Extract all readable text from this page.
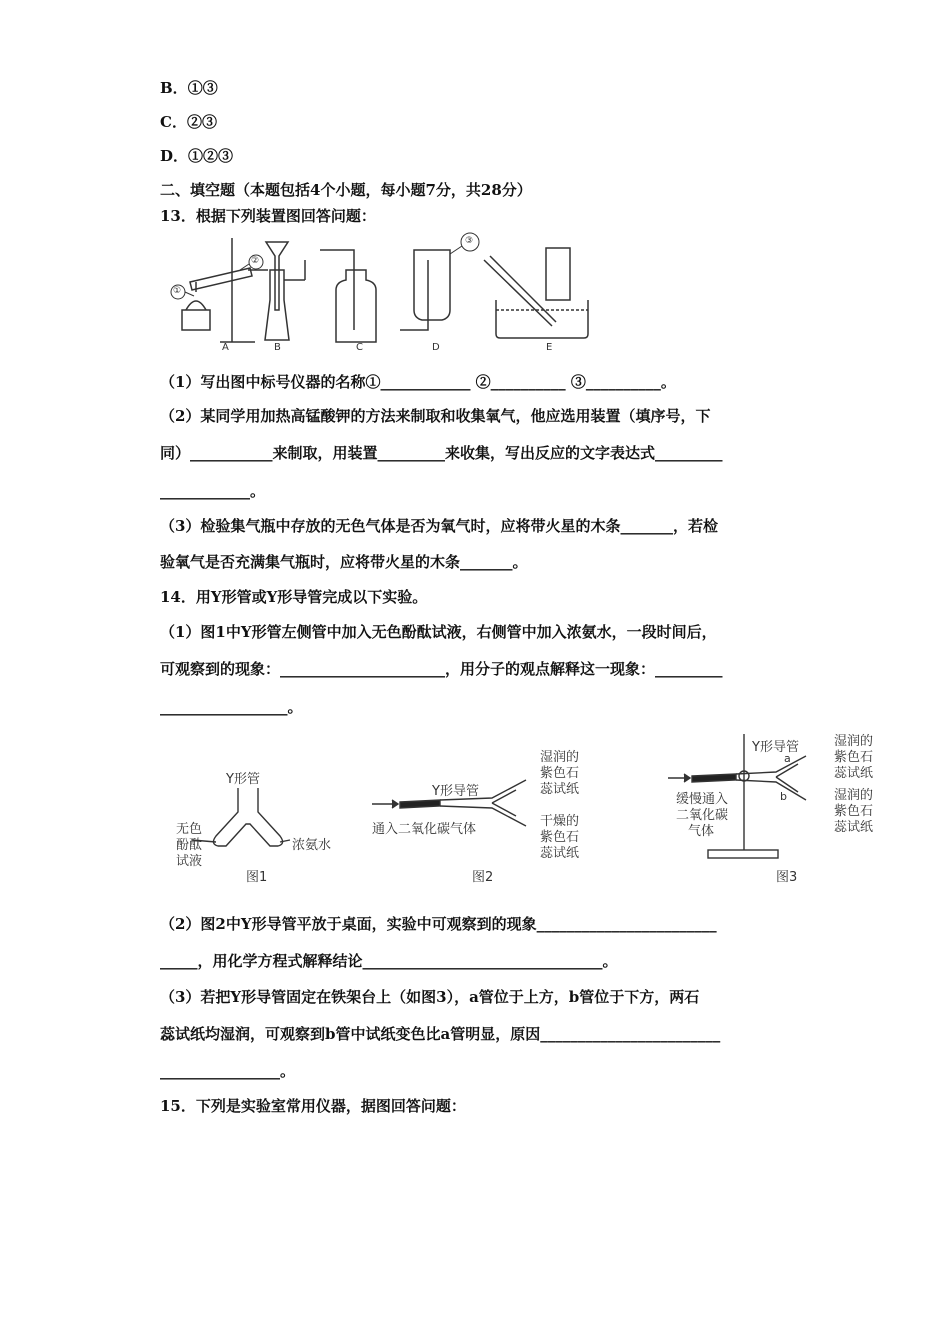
B．①③
C．②③
D．①②③
二、填空题（本题包括4个小题，每小题7分，共28分）
13．根据下列装置图回答问题：
A	B	C	D	E
①
②
③
（1）写出图中标号仪器的名称①____________ ②__________ ③__________。
（2）某同学用加热高锰酸钾的方法来制取和收集氧气，他应选用装置（填序号，下
同）___________来制取，用装置_________来收集，写出反应的文字表达式_________
____________。
（3）检验集气瓶中存放的无色气体是否为氧气时，应将带火星的木条_______，若检
验氧气是否充满集气瓶时，应将带火星的木条_______。
14．用Y形管或Y形导管完成以下实验。
（1）图1中Y形管左侧管中加入无色酚酞试液，右侧管中加入浓氨水，一段时间后，
可观察到的现象：______________________，用分子的观点解释这一现象：_________
_________________。
Y形管
无色
酚酞
试液
浓氨水
图1
Y形导管
通入二氧化碳气体
湿润的
紫色石
蕊试纸
干燥的
紫色石
蕊试纸
图2
Y形导管
缓慢通入
二氧化碳
气体
a
b
湿润的
紫色石
蕊试纸
湿润的
紫色石
蕊试纸
图3
（2）图2中Y形导管平放于桌面，实验中可观察到的现象________________________
_____，用化学方程式解释结论________________________________。
（3）若把Y形导管固定在铁架台上（如图3），a管位于上方，b管位于下方，两石
蕊试纸均湿润，可观察到b管中试纸变色比a管明显，原因________________________
________________。
15．下列是实验室常用仪器，据图回答问题：
